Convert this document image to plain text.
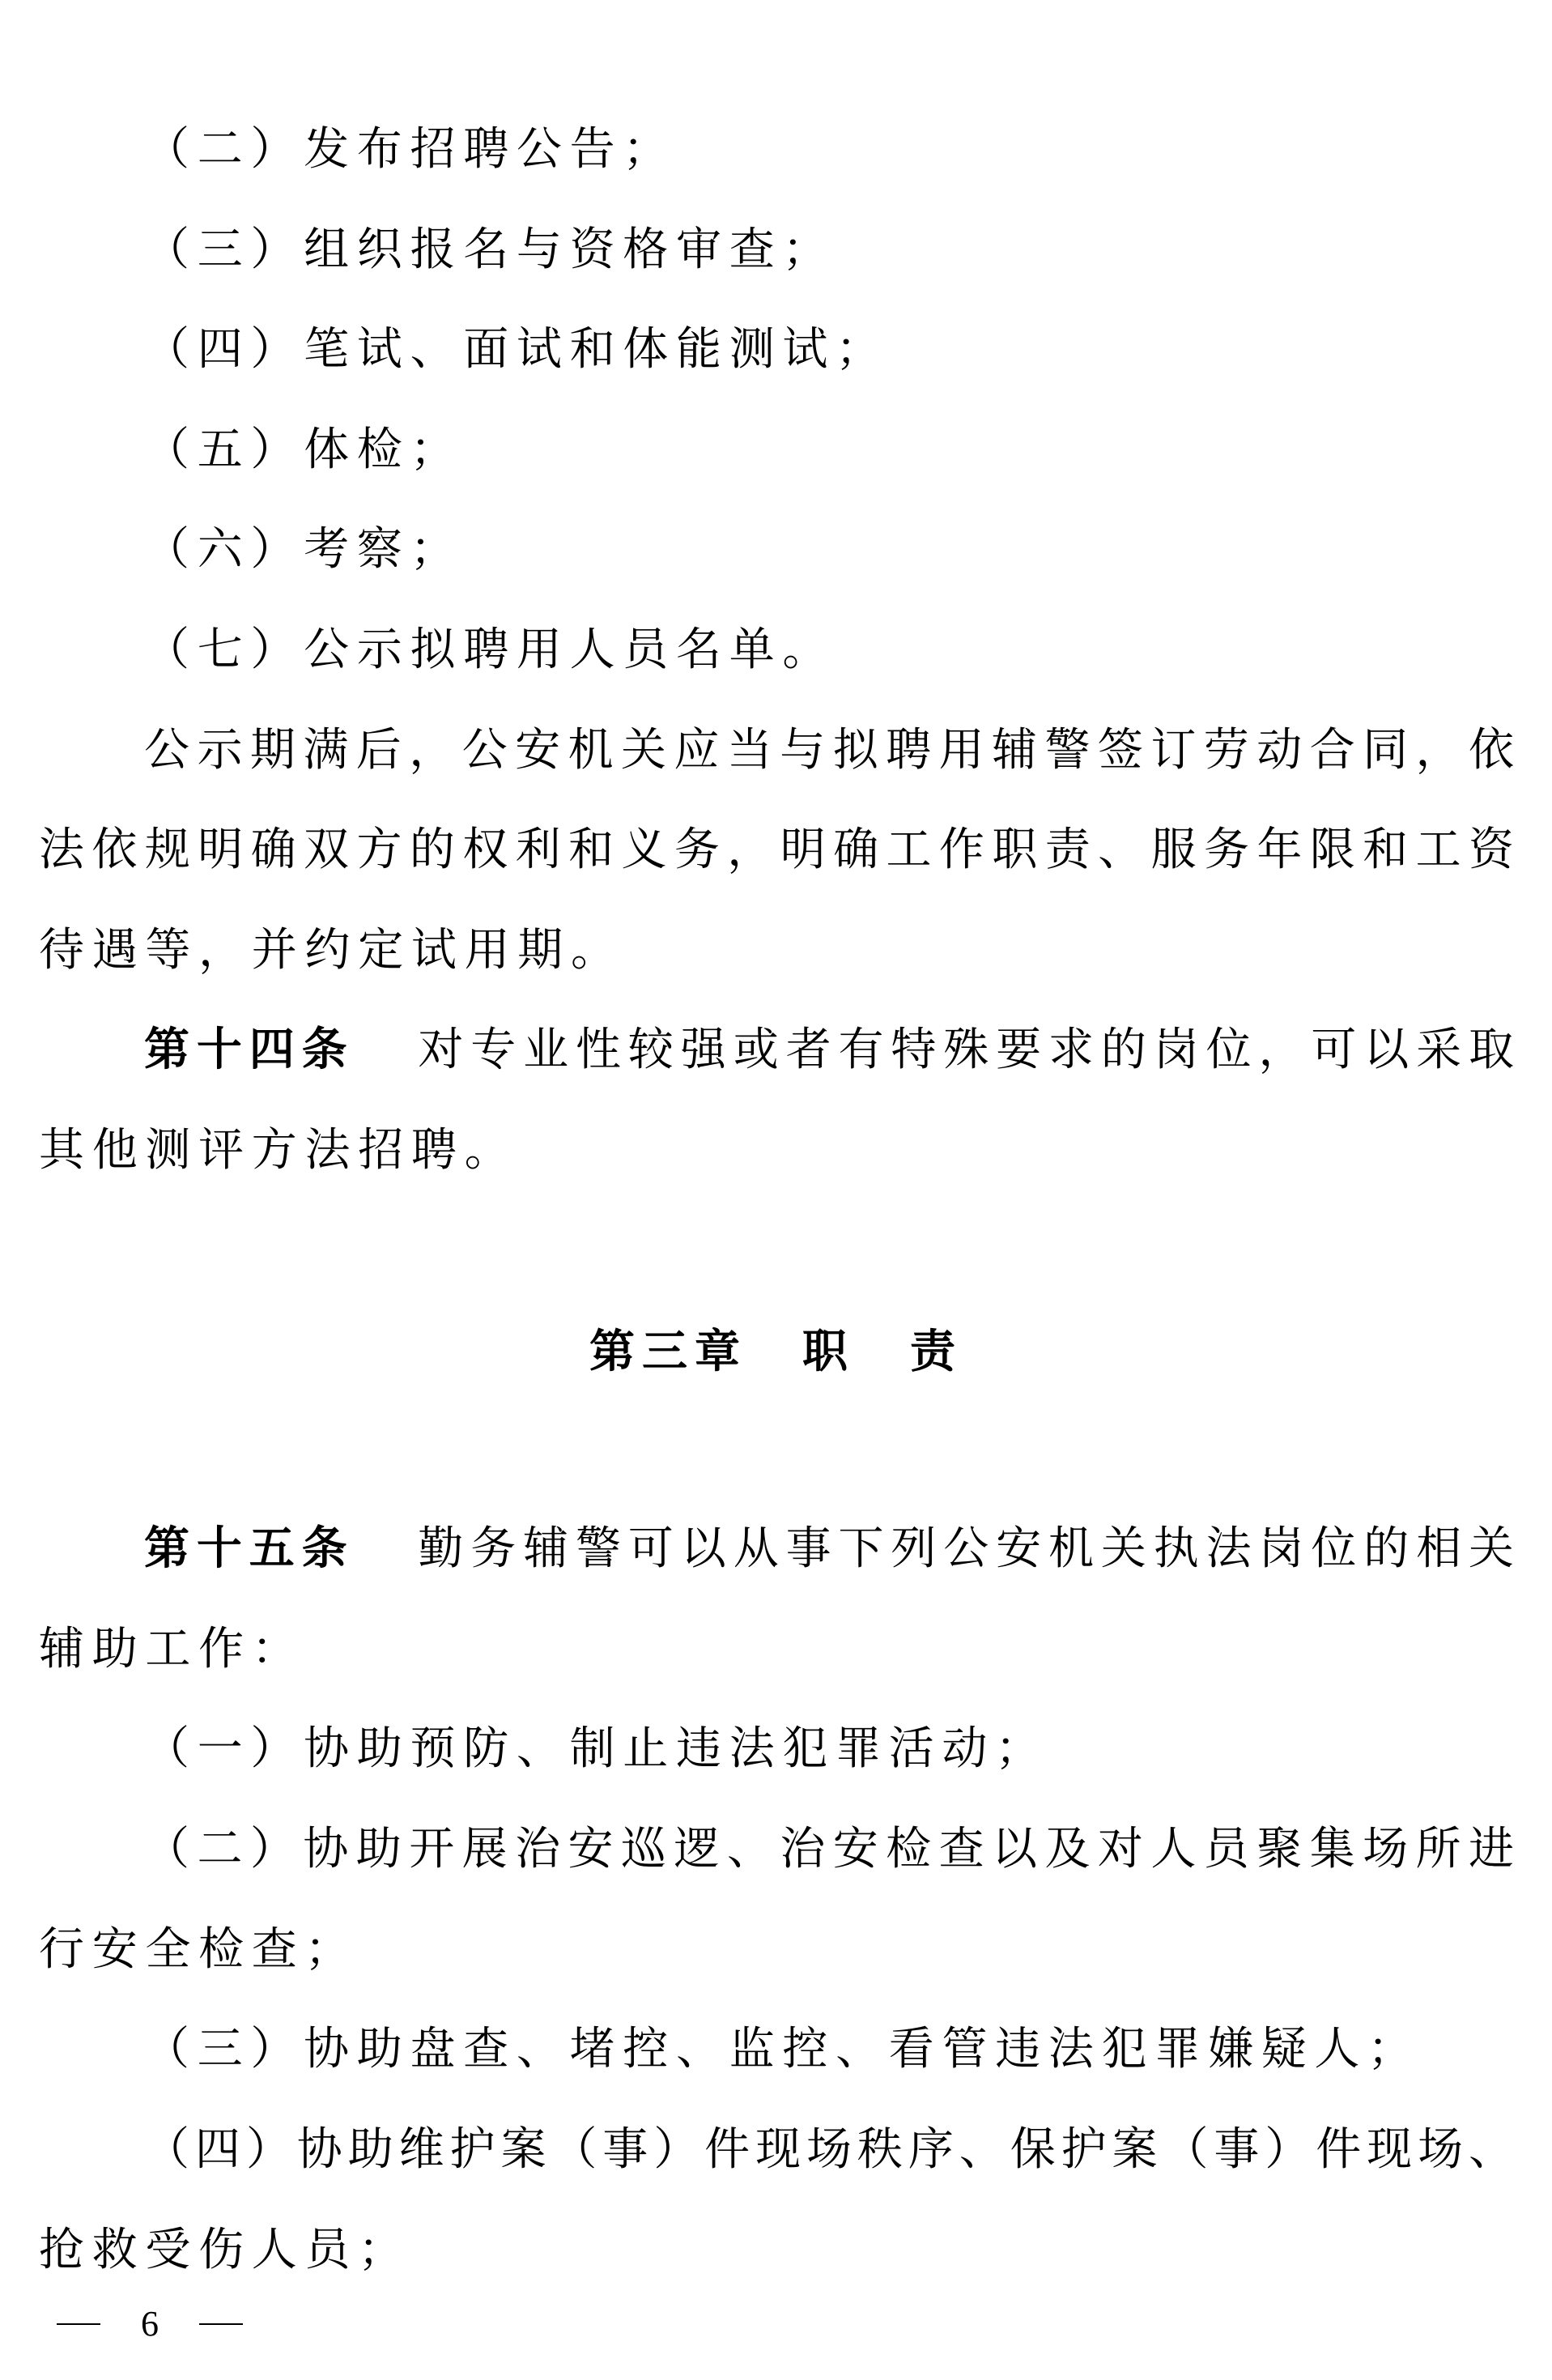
（二）发布招聘公告；
（三）组织报名与资格审查；
（四）笔试、面试和体能测试；
（五）体检；
（六）考察；
（七）公示拟聘用人员名单。
公示期满后，公安机关应当与拟聘用辅警签订劳动合同，依
法依规明确双方的权利和义务，明确工作职责、服务年限和工资
待遇等，并约定试用期。
第十四条 对专业性较强或者有特殊要求的岗位，可以采取
其他测评方法招聘。
第三章 职 责
第十五条 勤务辅警可以从事下列公安机关执法岗位的相关
辅助工作：
（一）协助预防、制止违法犯罪活动；
（二）协助开展治安巡逻、治安检查以及对人员聚集场所进
行安全检查；
（三）协助盘查、堵控、监控、看管违法犯罪嫌疑人；
（四）协助维护案（事）件现场秩序、保护案（事）件现场、
抢救受伤人员；
6
